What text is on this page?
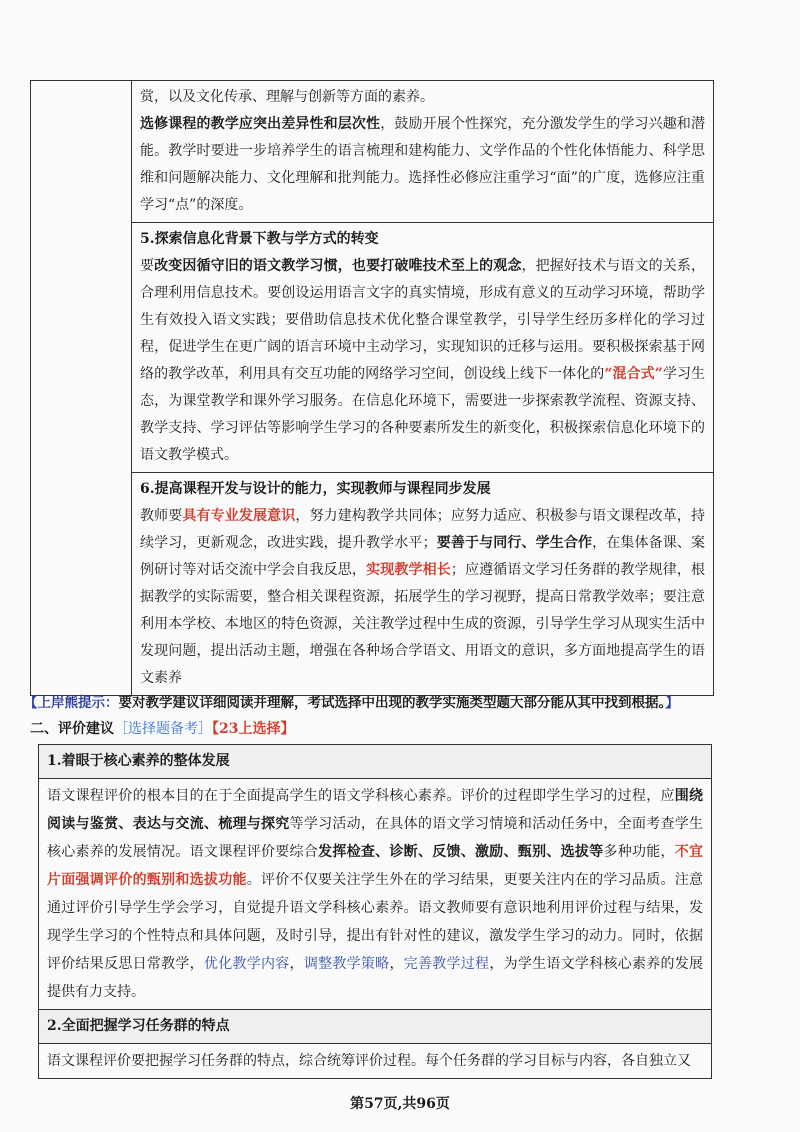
赏，以及文化传承、理解与创新等方面的素养。

选修课程的教学应突出差异性和层次性，鼓励开展个性探究，充分激发学生的学习兴趣和潜能。教学时要进一步培养学生的语言梳理和建构能力、文学作品的个性化体悟能力、科学思维和问题解决能力、文化理解和批判能力。选择性必修应注重学习“面”的广度，选修应注重学习“点”的深度。

5.探索信息化背景下教与学方式的转变

要改变因循守旧的语文教学习惯，也要打破唯技术至上的观念，把握好技术与语文的关系，合理利用信息技术。要创设运用语言文字的真实情境，形成有意义的互动学习环境，帮助学生有效投入语文实践；要借助信息技术优化整合课堂教学，引导学生经历多样化的学习过程，促进学生在更广阔的语言环境中主动学习，实现知识的迁移与运用。要积极探索基于网络的教学改革，利用具有交互功能的网络学习空间，创设线上线下一体化的“混合式”学习生态，为课堂教学和课外学习服务。在信息化环境下，需要进一步探索教学流程、资源支持、教学支持、学习评估等影响学生学习的各种要素所发生的新变化，积极探索信息化环境下的语文教学模式。

6.提高课程开发与设计的能力，实现教师与课程同步发展

教师要具有专业发展意识，努力建构教学共同体；应努力适应、积极参与语文课程改革，持续学习，更新观念，改进实践，提升教学水平；要善于与同行、学生合作，在集体备课、案例研讨等对话交流中学会自我反思，实现教学相长；应遵循语文学习任务群的教学规律，根据教学的实际需要，整合相关课程资源，拓展学生的学习视野，提高日常教学效率；要注意利用本学校、本地区的特色资源，关注教学过程中生成的资源，引导学生学习从现实生活中发现问题，提出活动主题，增强在各种场合学语文、用语文的意识，多方面地提高学生的语文素养

【上岸熊提示：要对教学建议详细阅读并理解，考试选择中出现的教学实施类型题大部分能从其中找到根据。】
二、评价建议［选择题备考］【23上选择】

1.着眼于核心素养的整体发展

语文课程评价的根本目的在于全面提高学生的语文学科核心素养。评价的过程即学生学习的过程，应围绕阅读与鉴赏、表达与交流、梳理与探究等学习活动，在具体的语文学习情境和活动任务中，全面考查学生核心素养的发展情况。语文课程评价要综合发挥检查、诊断、反馈、激励、甄别、选拔等多种功能，不宜片面强调评价的甄别和选拔功能。评价不仅要关注学生外在的学习结果，更要关注内在的学习品质。注意通过评价引导学生学会学习，自觉提升语文学科核心素养。语文教师要有意识地利用评价过程与结果，发现学生学习的个性特点和具体问题，及时引导，提出有针对性的建议，激发学生学习的动力。同时，依据评价结果反思日常教学，优化教学内容，调整教学策略，完善教学过程，为学生语文学科核心素养的发展提供有力支持。

2.全面把握学习任务群的特点

语文课程评价要把握学习任务群的特点，综合统筹评价过程。每个任务群的学习目标与内容，各自独立又

第57页,共96页
